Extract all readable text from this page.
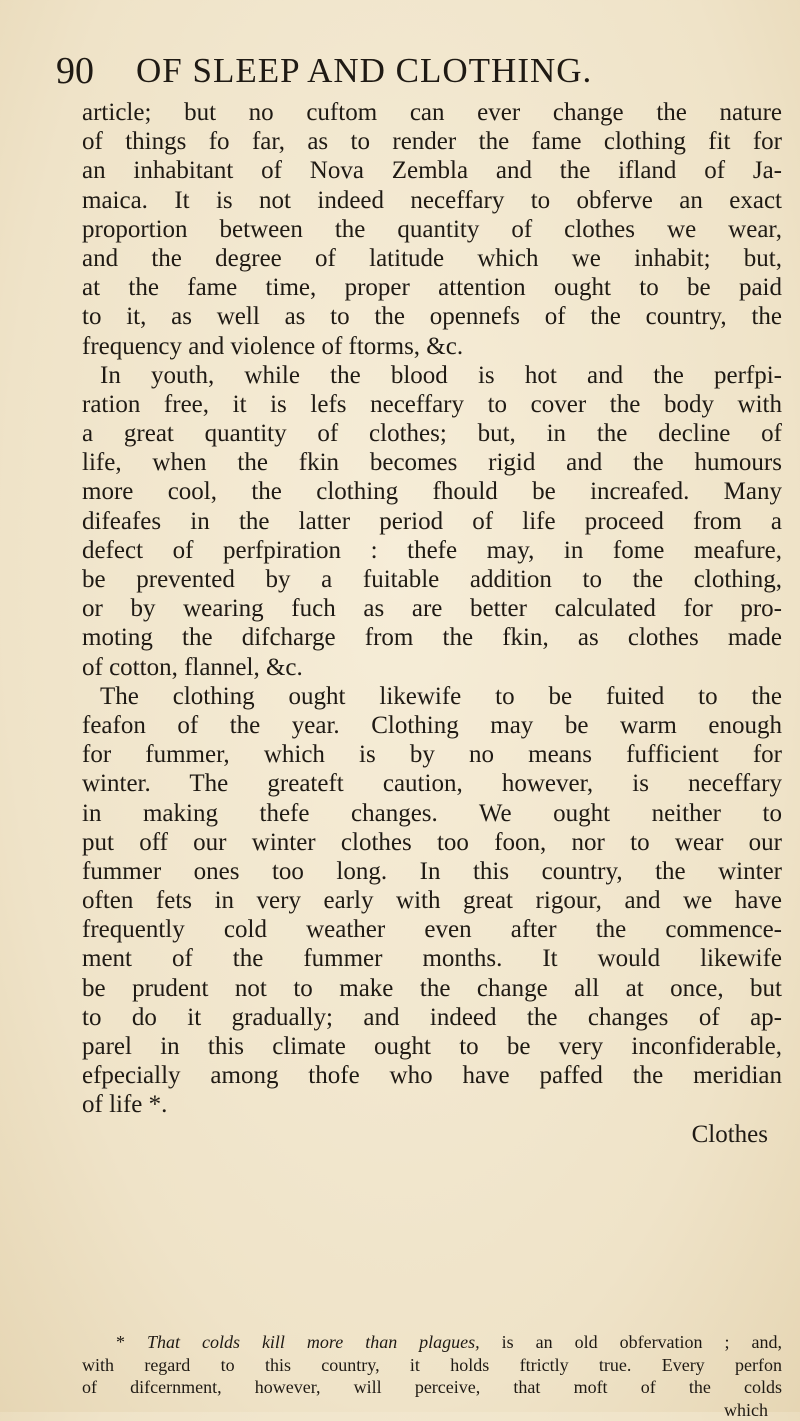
90 OF SLEEP AND CLOTHING.
article; but no cuftom can ever change the nature
of things fo far, as to render the fame clothing fit for
an inhabitant of Nova Zembla and the ifland of Ja-
maica. It is not indeed neceffary to obferve an exact
proportion between the quantity of clothes we wear,
and the degree of latitude which we inhabit; but,
at the fame time, proper attention ought to be paid
to it, as well as to the opennefs of the country, the
frequency and violence of ftorms, &c.
In youth, while the blood is hot and the perfpi-
ration free, it is lefs neceffary to cover the body with
a great quantity of clothes; but, in the decline of
life, when the fkin becomes rigid and the humours
more cool, the clothing fhould be increafed. Many
difeafes in the latter period of life proceed from a
defect of perfpiration : thefe may, in fome meafure,
be prevented by a fuitable addition to the clothing,
or by wearing fuch as are better calculated for pro-
moting the difcharge from the fkin, as clothes made
of cotton, flannel, &c.
The clothing ought likewife to be fuited to the
feafon of the year. Clothing may be warm enough
for fummer, which is by no means fufficient for
winter. The greateft caution, however, is neceffary
in making thefe changes. We ought neither to
put off our winter clothes too foon, nor to wear our
fummer ones too long. In this country, the winter
often fets in very early with great rigour, and we have
frequently cold weather even after the commence-
ment of the fummer months. It would likewife
be prudent not to make the change all at once, but
to do it gradually; and indeed the changes of ap-
parel in this climate ought to be very inconfiderable,
efpecially among thofe who have paffed the meridian
of life *.
Clothes
* That colds kill more than plagues, is an old obfervation ; and,
with regard to this country, it holds ftrictly true. Every perfon
of difcernment, however, will perceive, that moft of the colds
which
